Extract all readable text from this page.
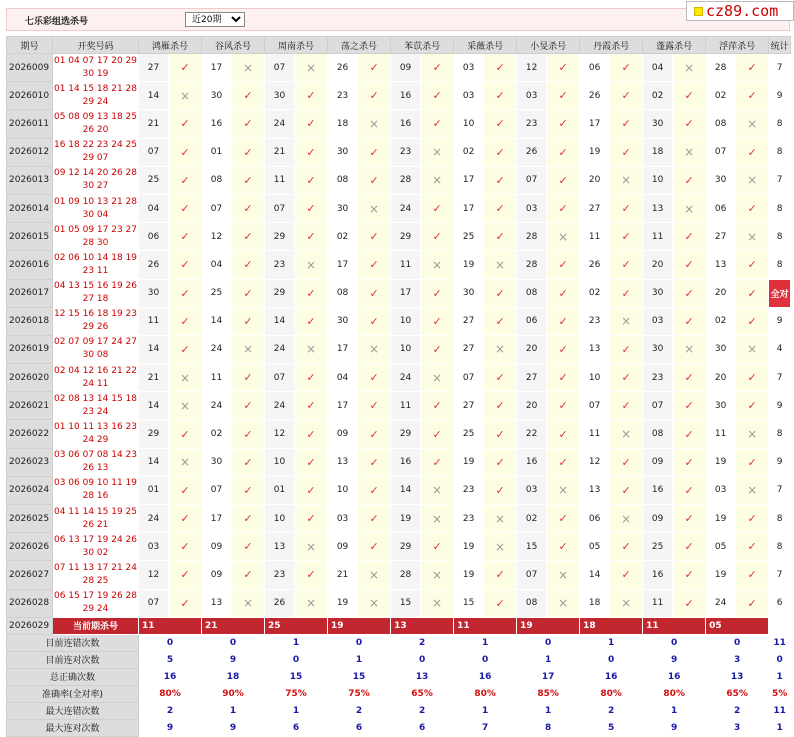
七乐彩组选杀号
近20期
cz89.com
期号	开奖号码	鸿雁杀号		谷风杀号		周南杀号		荡之杀号		苯苡杀号		采薇杀号		小旻杀号		丹霞杀号		蓬露杀号		浮萍杀号		统计
2026009	01 04 07 17 20 29
30 19	27	✓	17	×	07	×	26	✓	09	✓	03	✓	12	✓	06	✓	04	×	28	✓	7
2026010	01 14 15 18 21 28
29 24	14	×	30	✓	30	✓	23	✓	16	✓	03	✓	03	✓	26	✓	02	✓	02	✓	9
2026011	05 08 09 13 18 25
26 20	21	✓	16	✓	24	✓	18	×	16	✓	10	✓	23	✓	17	✓	30	✓	08	×	8
2026012	16 18 22 23 24 25
29 07	07	✓	01	✓	21	✓	30	✓	23	×	02	✓	26	✓	19	✓	18	×	07	✓	8
2026013	09 12 14 20 26 28
30 27	25	✓	08	✓	11	✓	08	✓	28	×	17	✓	07	✓	20	×	10	✓	30	×	7
2026014	01 09 10 13 21 28
30 04	04	✓	07	✓	07	✓	30	×	24	✓	17	✓	03	✓	27	✓	13	×	06	✓	8
2026015	01 05 09 17 23 27
28 30	06	✓	12	✓	29	✓	02	✓	29	✓	25	✓	28	×	11	✓	11	✓	27	×	8
2026016	02 06 10 14 18 19
23 11	26	✓	04	✓	23	×	17	✓	11	×	19	×	28	✓	26	✓	20	✓	13	✓	8
2026017	04 13 15 16 19 26
27 18	30	✓	25	✓	29	✓	08	✓	17	✓	30	✓	08	✓	02	✓	30	✓	20	✓	全对
2026018	12 15 16 18 19 23
29 26	11	✓	14	✓	14	✓	30	✓	10	✓	27	✓	06	✓	23	×	03	✓	02	✓	9
2026019	02 07 09 17 24 27
30 08	14	✓	24	×	24	×	17	×	10	✓	27	×	20	✓	13	✓	30	×	30	×	4
2026020	02 04 12 16 21 22
24 11	21	×	11	✓	07	✓	04	✓	24	×	07	✓	27	✓	10	✓	23	✓	20	✓	7
2026021	02 08 13 14 15 18
23 24	14	×	24	✓	24	✓	17	✓	11	✓	27	✓	20	✓	07	✓	07	✓	30	✓	9
2026022	01 10 11 13 16 23
24 29	29	✓	02	✓	12	✓	09	✓	29	✓	25	✓	22	✓	11	×	08	✓	11	×	8
2026023	03 06 07 08 14 23
26 13	14	×	30	✓	10	✓	13	✓	16	✓	19	✓	16	✓	12	✓	09	✓	19	✓	9
2026024	03 06 09 10 11 19
28 16	01	✓	07	✓	01	✓	10	✓	14	×	23	✓	03	×	13	✓	16	✓	03	×	7
2026025	04 11 14 15 19 25
26 21	24	✓	17	✓	10	✓	03	✓	19	×	23	×	02	✓	06	×	09	✓	19	✓	8
2026026	06 13 17 19 24 26
30 02	03	✓	09	✓	13	×	09	✓	29	✓	19	×	15	✓	05	✓	25	✓	05	✓	8
2026027	07 11 13 17 21 24
28 25	12	✓	09	✓	23	✓	21	×	28	×	19	✓	07	×	14	✓	16	✓	19	✓	7
2026028	06 15 17 19 26 28
29 24	07	✓	13	×	26	×	19	×	15	×	15	✓	08	×	18	×	11	✓	24	✓	6
2026029	当前期杀号	11		21		25		19		13		11		19		18		11		05		
目前连错次数		0		0		1		0		2		1		0		1		0		0		11
目前连对次数		5		9		0		1		0		0		1		0		9		3		0
总正确次数		16		18		15		15		13		16		17		16		16		13		1
准确率(全对率)		80%		90%		75%		75%		65%		80%		85%		80%		80%		65%		5%
最大连错次数		2		1		1		2		2		1		1		2		1		2		11
最大连对次数		9		9		6		6		6		7		8		5		9		3		1
